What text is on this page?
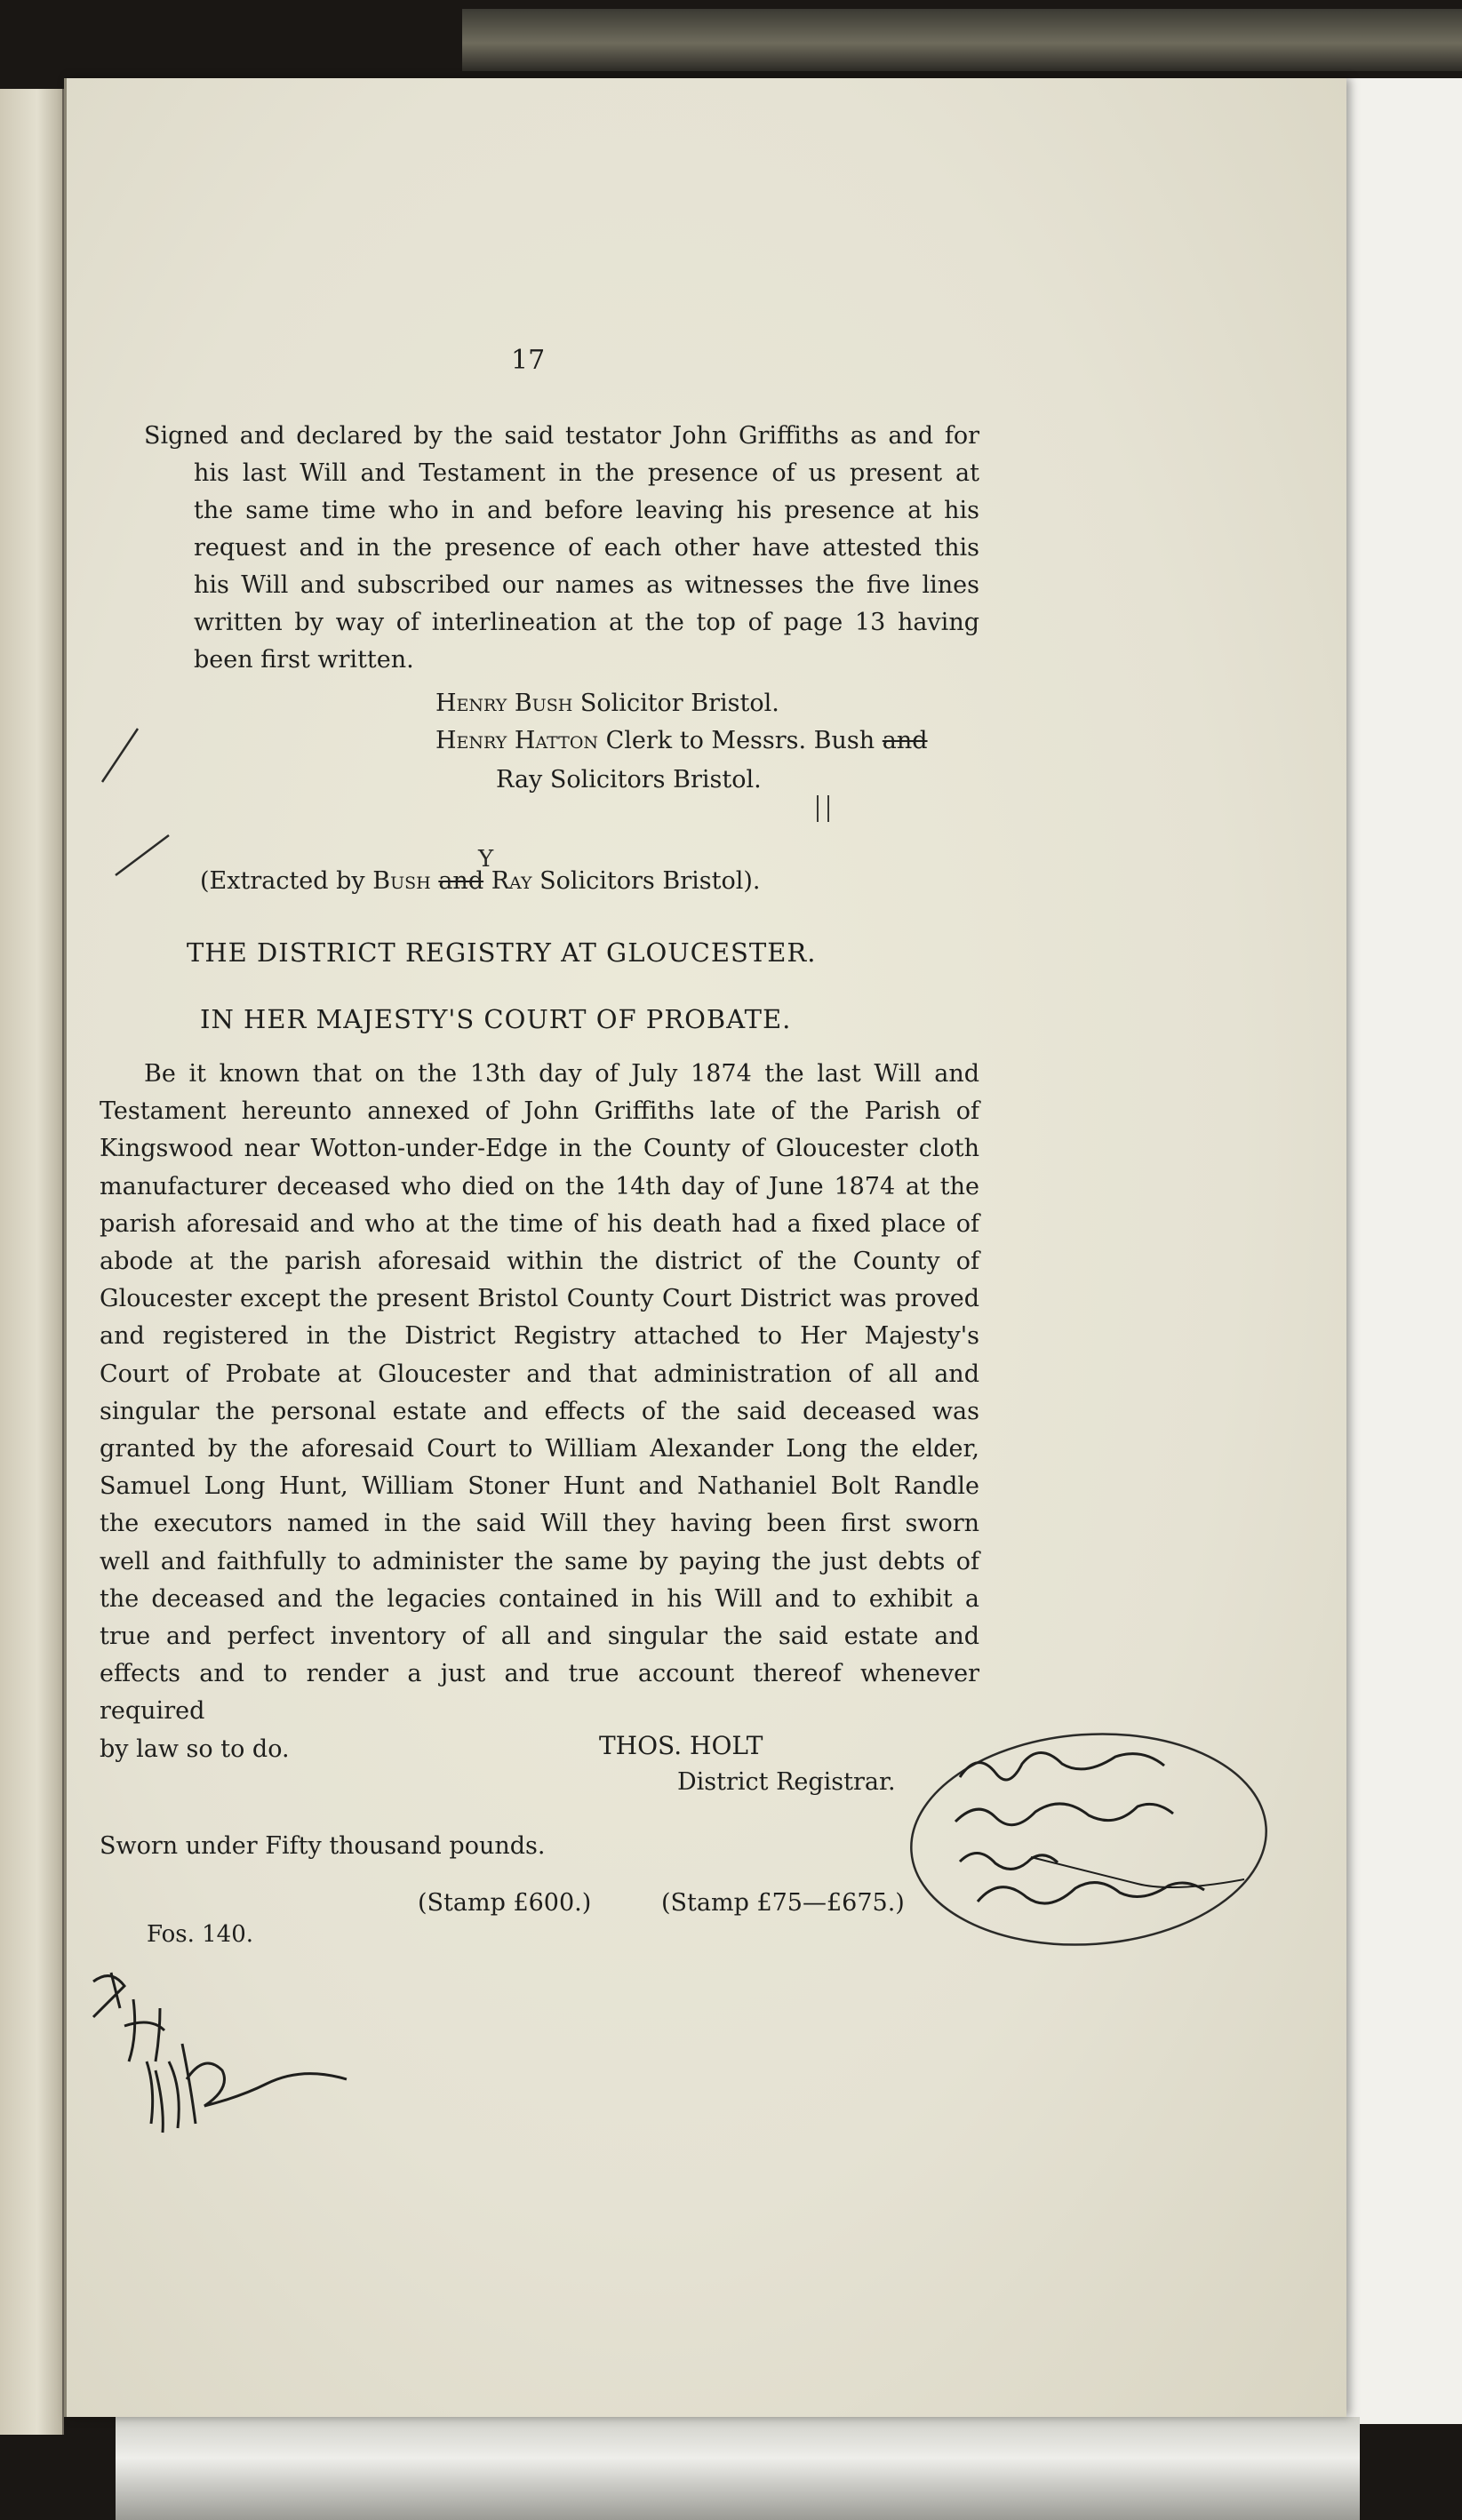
17
Signed and declared by the said testator John Griffiths as and for
his last Will and Testament in the presence of us present at
the same time who in and before leaving his presence at his
request and in the presence of each other have attested this
his Will and subscribed our names as witnesses the five lines
written by way of interlineation at the top of page 13 having
been first written.
Henry Bush Solicitor Bristol.
Henry Hatton Clerk to Messrs. Bush and
Ray Solicitors Bristol.
Y
(Extracted by Bush and Ray Solicitors Bristol).
THE DISTRICT REGISTRY AT GLOUCESTER.
IN HER MAJESTY'S COURT OF PROBATE.
Be it known that on the 13th day of July 1874 the last Will and
Testament hereunto annexed of John Griffiths late of the Parish of
Kingswood near Wotton-under-Edge in the County of Gloucester cloth
manufacturer deceased who died on the 14th day of June 1874 at the
parish aforesaid and who at the time of his death had a fixed place of
abode at the parish aforesaid within the district of the County of
Gloucester except the present Bristol County Court District was proved
and registered in the District Registry attached to Her Majesty's
Court of Probate at Gloucester and that administration of all and
singular the personal estate and effects of the said deceased was
granted by the aforesaid Court to William Alexander Long the elder,
Samuel Long Hunt, William Stoner Hunt and Nathaniel Bolt Randle
the executors named in the said Will they having been first sworn
well and faithfully to administer the same by paying the just debts of
the deceased and the legacies contained in his Will and to exhibit a
true and perfect inventory of all and singular the said estate and
effects and to render a just and true account thereof whenever required
by law so to do.	THOS. HOLT
District Registrar.
Sworn under Fifty thousand pounds.
(Stamp £600.)	(Stamp £75—£675.)
Fos. 140.
